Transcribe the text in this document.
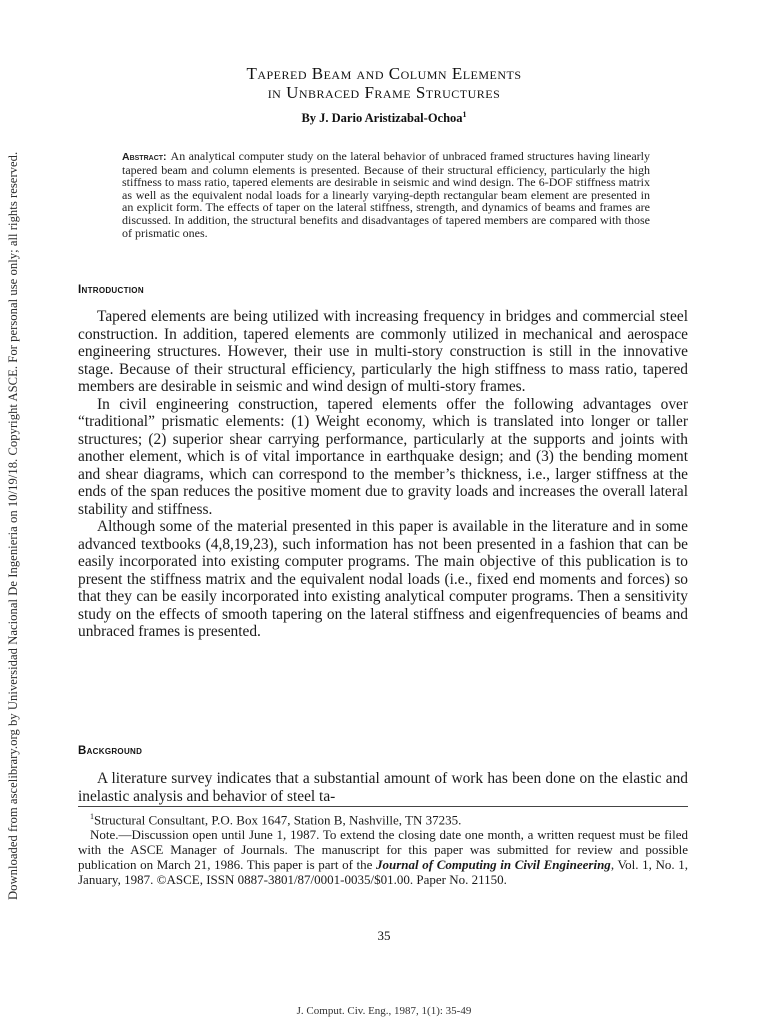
Downloaded from ascelibrary.org by Universidad Nacional De Ingenieria on 10/19/18. Copyright ASCE. For personal use only; all rights reserved.
Tapered Beam and Column Elements
in Unbraced Frame Structures
By J. Dario Aristizabal-Ochoa$^1$
Abstract: An analytical computer study on the lateral behavior of unbraced framed structures having linearly tapered beam and column elements is presented. Because of their structural efficiency, particularly the high stiffness to mass ratio, tapered elements are desirable in seismic and wind design. The 6-DOF stiffness matrix as well as the equivalent nodal loads for a linearly varying-depth rectangular beam element are presented in an explicit form. The effects of taper on the lateral stiffness, strength, and dynamics of beams and frames are discussed. In addition, the structural benefits and disadvantages of tapered members are compared with those of prismatic ones.
Introduction

Tapered elements are being utilized with increasing frequency in bridges and commercial steel construction. In addition, tapered elements are commonly utilized in mechanical and aerospace engineering structures. However, their use in multi-story construction is still in the innovative stage. Because of their structural efficiency, particularly the high stiffness to mass ratio, tapered members are desirable in seismic and wind design of multi-story frames.

In civil engineering construction, tapered elements offer the following advantages over “traditional” prismatic elements: (1) Weight economy, which is translated into longer or taller structures; (2) superior shear carrying performance, particularly at the supports and joints with another element, which is of vital importance in earthquake design; and (3) the bending moment and shear diagrams, which can correspond to the member’s thickness, i.e., larger stiffness at the ends of the span reduces the positive moment due to gravity loads and increases the overall lateral stability and stiffness.

Although some of the material presented in this paper is available in the literature and in some advanced textbooks (4,8,19,23), such information has not been presented in a fashion that can be easily incorporated into existing computer programs. The main objective of this publication is to present the stiffness matrix and the equivalent nodal loads (i.e., fixed end moments and forces) so that they can be easily incorporated into existing analytical computer programs. Then a sensitivity study on the effects of smooth tapering on the lateral stiffness and eigenfrequencies of beams and unbraced frames is presented.

Background

A literature survey indicates that a substantial amount of work has been done on the elastic and inelastic analysis and behavior of steel ta-

$^1$Structural Consultant, P.O. Box 1647, Station B, Nashville, TN 37235.

Note.—Discussion open until June 1, 1987. To extend the closing date one month, a written request must be filed with the ASCE Manager of Journals. The manuscript for this paper was submitted for review and possible publication on March 21, 1986. This paper is part of the Journal of Computing in Civil Engineering, Vol. 1, No. 1, January, 1987. ©ASCE, ISSN 0887-3801/87/0001-0035/$01.00. Paper No. 21150.

35
J. Comput. Civ. Eng., 1987, 1(1): 35-49
